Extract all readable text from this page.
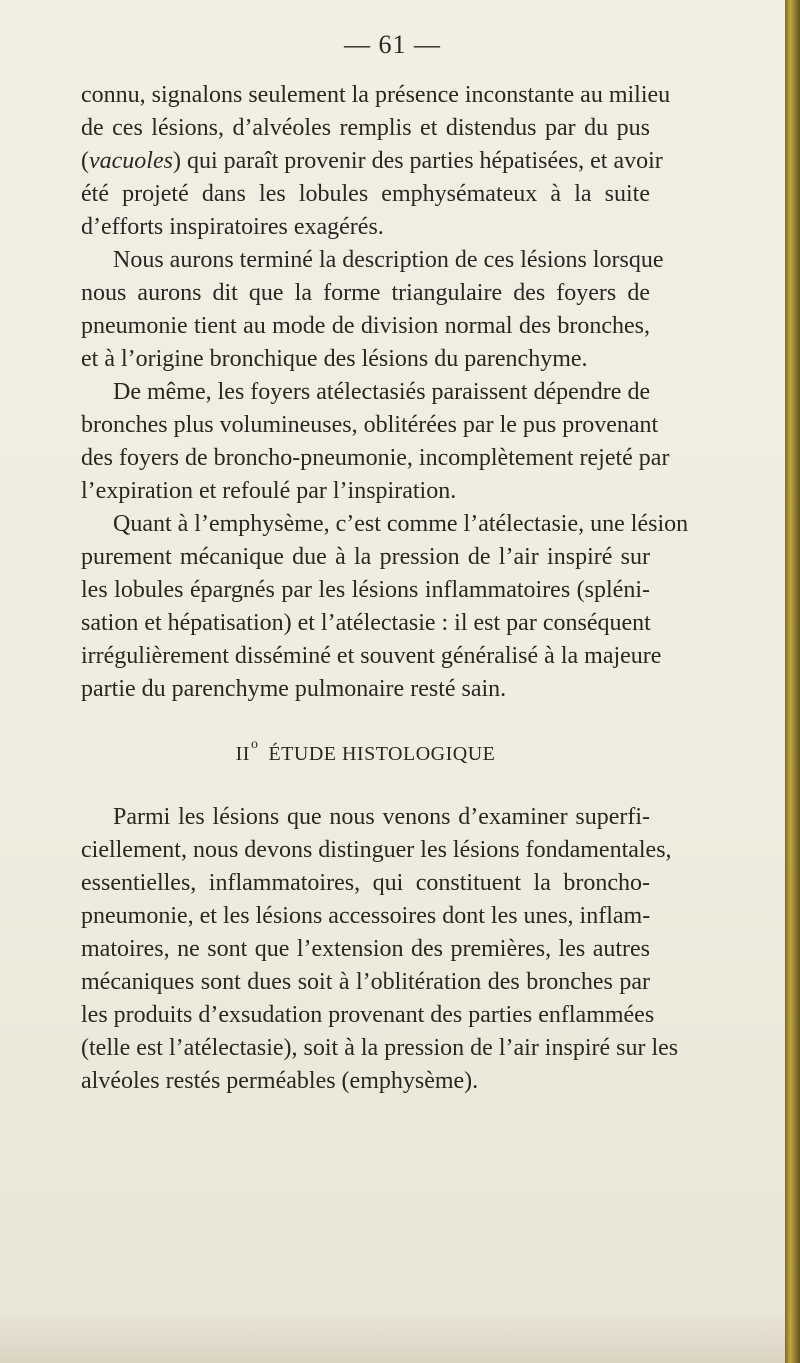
— 61 —
connu, signalons seulement la présence inconstante au milieu
de ces lésions, d’alvéoles remplis et distendus par du pus
(vacuoles) qui paraît provenir des parties hépatisées, et avoir
été projeté dans les lobules emphysémateux à la suite
d’efforts inspiratoires exagérés.
Nous aurons terminé la description de ces lésions lorsque
nous aurons dit que la forme triangulaire des foyers de
pneumonie tient au mode de division normal des bronches,
et à l’origine bronchique des lésions du parenchyme.
De même, les foyers atélectasiés paraissent dépendre de
bronches plus volumineuses, oblitérées par le pus provenant
des foyers de broncho-pneumonie, incomplètement rejeté par
l’expiration et refoulé par l’inspiration.
Quant à l’emphysème, c’est comme l’atélectasie, une lésion
purement mécanique due à la pression de l’air inspiré sur
les lobules épargnés par les lésions inflammatoires (spléni-
sation et hépatisation) et l’atélectasie : il est par conséquent
irrégulièrement disséminé et souvent généralisé à la majeure
partie du parenchyme pulmonaire resté sain.
$II^o$ ÉTUDE HISTOLOGIQUE
Parmi les lésions que nous venons d’examiner superfi-
ciellement, nous devons distinguer les lésions fondamentales,
essentielles, inflammatoires, qui constituent la broncho-
pneumonie, et les lésions accessoires dont les unes, inflam-
matoires, ne sont que l’extension des premières, les autres
mécaniques sont dues soit à l’oblitération des bronches par
les produits d’exsudation provenant des parties enflammées
(telle est l’atélectasie), soit à la pression de l’air inspiré sur les
alvéoles restés perméables (emphysème).
